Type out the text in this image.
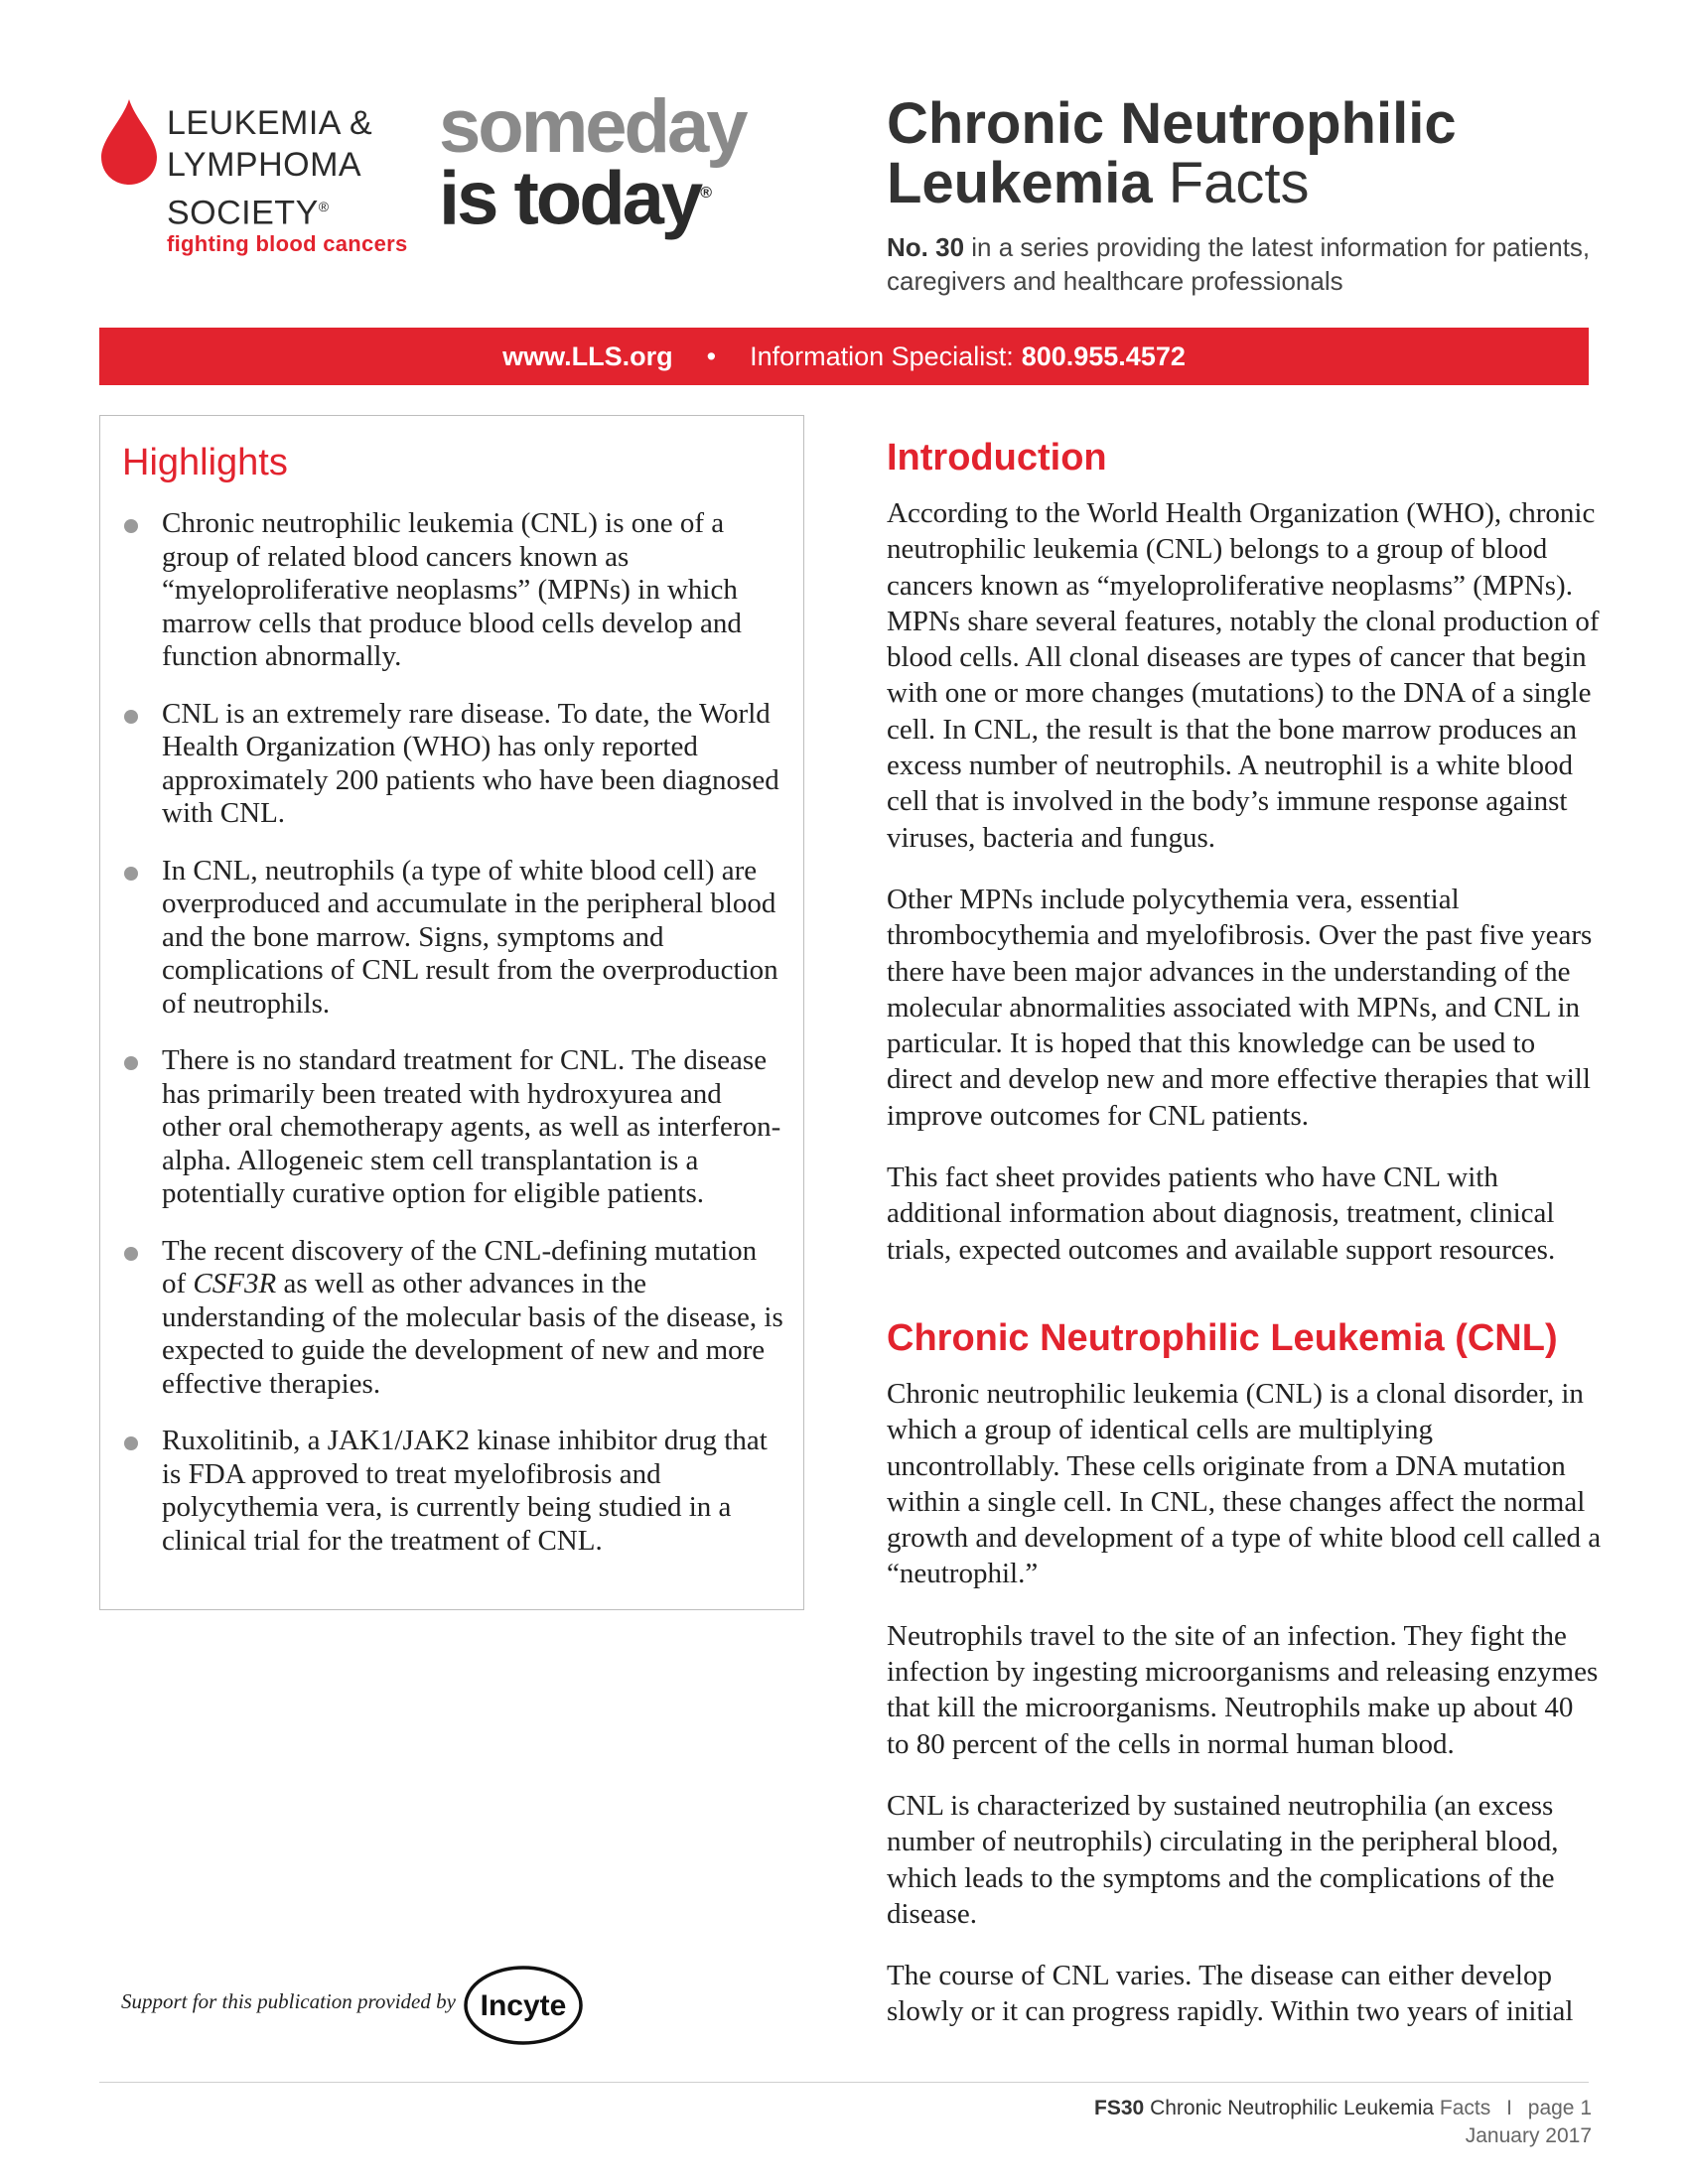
LEUKEMIA &
LYMPHOMA
SOCIETY®
fighting blood cancers
someday
is today®
Chronic Neutrophilic
Leukemia Facts
No. 30 in a series providing the latest information for patients, caregivers and healthcare professionals
www.LLS.org • Information Specialist: 800.955.4572
Highlights
Chronic neutrophilic leukemia (CNL) is one of a group of related blood cancers known as “myeloproliferative neoplasms” (MPNs) in which marrow cells that produce blood cells develop and function abnormally.
CNL is an extremely rare disease. To date, the World Health Organization (WHO) has only reported approximately 200 patients who have been diagnosed with CNL.
In CNL, neutrophils (a type of white blood cell) are overproduced and accumulate in the peripheral blood and the bone marrow. Signs, symptoms and complications of CNL result from the overproduction of neutrophils.
There is no standard treatment for CNL. The disease has primarily been treated with hydroxyurea and other oral chemotherapy agents, as well as interferon-alpha. Allogeneic stem cell transplantation is a potentially curative option for eligible patients.
The recent discovery of the CNL-defining mutation of CSF3R as well as other advances in the understanding of the molecular basis of the disease, is expected to guide the development of new and more effective therapies.
Ruxolitinib, a JAK1/JAK2 kinase inhibitor drug that is FDA approved to treat myelofibrosis and polycythemia vera, is currently being studied in a clinical trial for the treatment of CNL.
Support for this publication provided by Incyte
Introduction

According to the World Health Organization (WHO), chronic neutrophilic leukemia (CNL) belongs to a group of blood cancers known as “myeloproliferative neoplasms” (MPNs). MPNs share several features, notably the clonal production of blood cells. All clonal diseases are types of cancer that begin with one or more changes (mutations) to the DNA of a single cell. In CNL, the result is that the bone marrow produces an excess number of neutrophils. A neutrophil is a white blood cell that is involved in the body’s immune response against viruses, bacteria and fungus.

Other MPNs include polycythemia vera, essential thrombocythemia and myelofibrosis. Over the past five years there have been major advances in the understanding of the molecular abnormalities associated with MPNs, and CNL in particular. It is hoped that this knowledge can be used to direct and develop new and more effective therapies that will improve outcomes for CNL patients.

This fact sheet provides patients who have CNL with additional information about diagnosis, treatment, clinical trials, expected outcomes and available support resources.

Chronic Neutrophilic Leukemia (CNL)

Chronic neutrophilic leukemia (CNL) is a clonal disorder, in which a group of identical cells are multiplying uncontrollably. These cells originate from a DNA mutation within a single cell. In CNL, these changes affect the normal growth and development of a type of white blood cell called a “neutrophil.”

Neutrophils travel to the site of an infection. They fight the infection by ingesting microorganisms and releasing enzymes that kill the microorganisms. Neutrophils make up about 40 to 80 percent of the cells in normal human blood.

CNL is characterized by sustained neutrophilia (an excess number of neutrophils) circulating in the peripheral blood, which leads to the symptoms and the complications of the disease.

The course of CNL varies. The disease can either develop slowly or it can progress rapidly. Within two years of initial

FS30 Chronic Neutrophilic Leukemia Facts I page 1
January 2017
